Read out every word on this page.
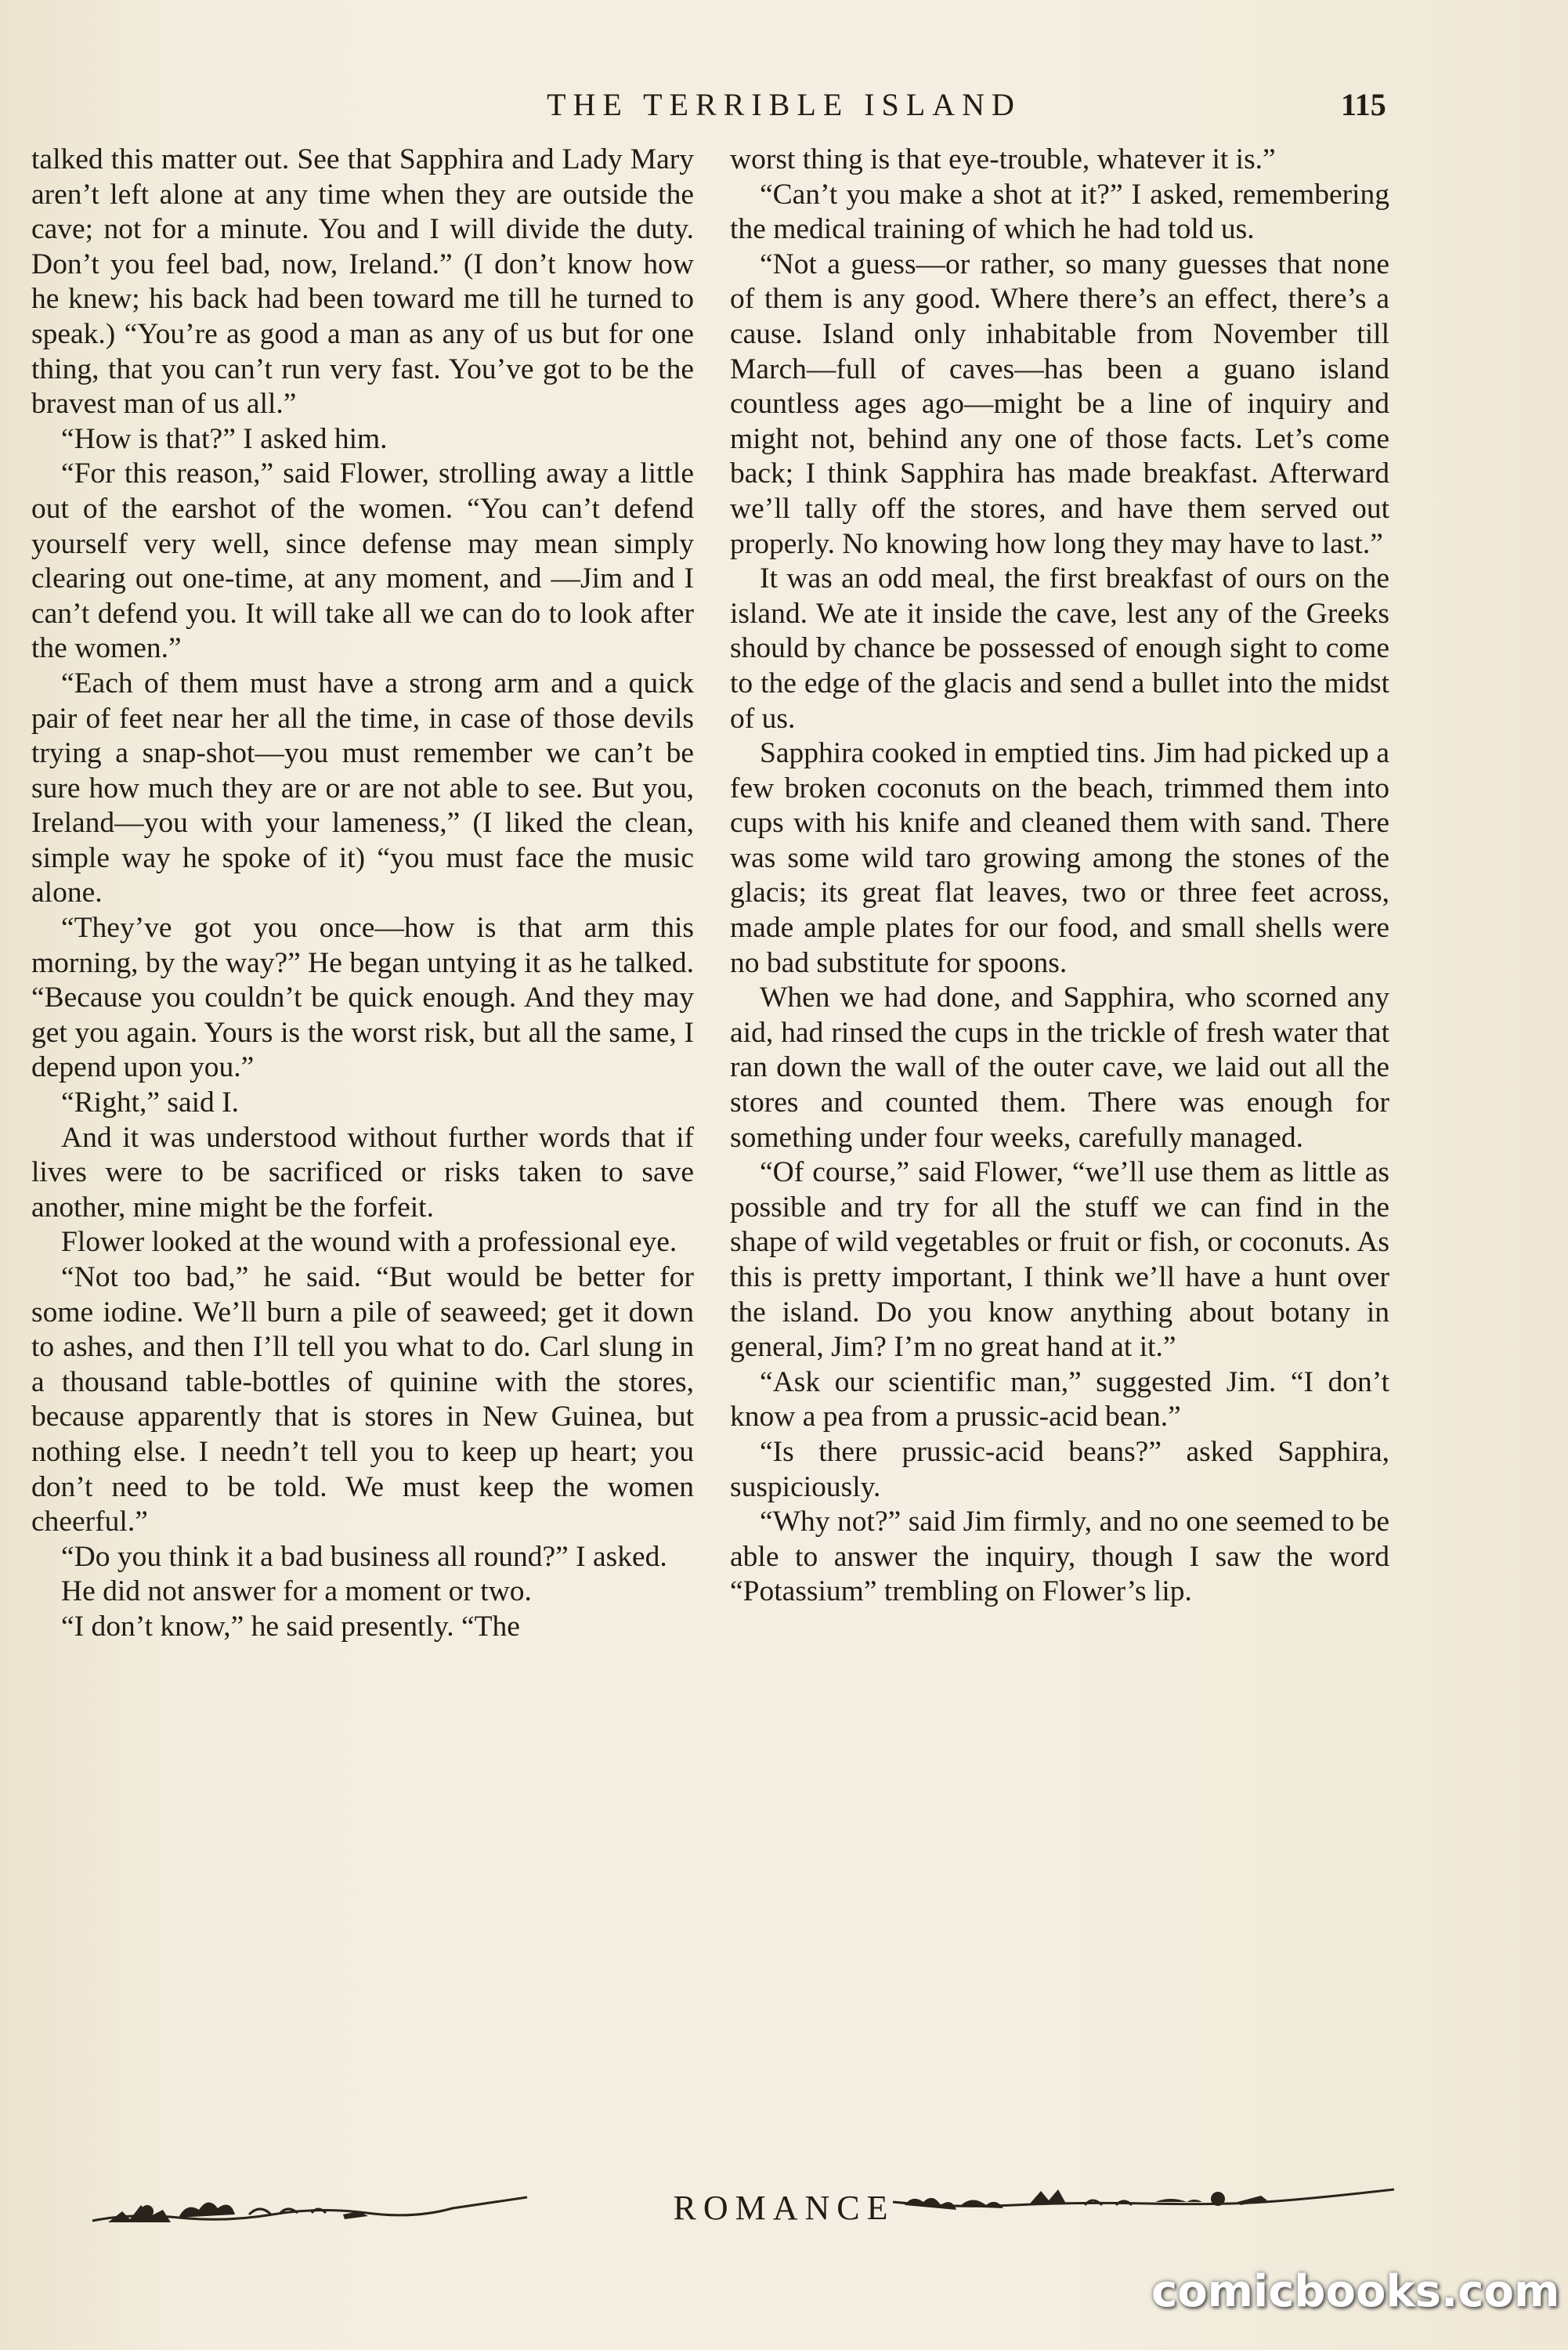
THE TERRIBLE ISLAND	115

talked this matter out. See that Sapphira and Lady Mary aren’t left alone at any time when they are outside the cave; not for a minute. You and I will divide the duty. Don’t you feel bad, now, Ireland.” (I don’t know how he knew; his back had been toward me till he turned to speak.) “You’re as good a man as any of us but for one thing, that you can’t run very fast. You’ve got to be the bravest man of us all.”

“How is that?” I asked him.

“For this reason,” said Flower, strolling away a little out of the earshot of the women. “You can’t defend yourself very well, since defense may mean simply clearing out one-time, at any moment, and —Jim and I can’t defend you. It will take all we can do to look after the women.”

“Each of them must have a strong arm and a quick pair of feet near her all the time, in case of those devils trying a snap-shot—you must remember we can’t be sure how much they are or are not able to see. But you, Ireland—you with your lameness,” (I liked the clean, simple way he spoke of it) “you must face the music alone.

“They’ve got you once—how is that arm this morning, by the way?” He began untying it as he talked. “Because you couldn’t be quick enough. And they may get you again. Yours is the worst risk, but all the same, I depend upon you.”

“Right,” said I.

And it was understood without further words that if lives were to be sacrificed or risks taken to save another, mine might be the forfeit.

Flower looked at the wound with a professional eye.

“Not too bad,” he said. “But would be better for some iodine. We’ll burn a pile of seaweed; get it down to ashes, and then I’ll tell you what to do. Carl slung in a thousand table-bottles of quinine with the stores, because apparently that is stores in New Guinea, but nothing else. I needn’t tell you to keep up heart; you don’t need to be told. We must keep the women cheerful.”

“Do you think it a bad business all round?” I asked.

He did not answer for a moment or two.

“I don’t know,” he said presently. “The

worst thing is that eye-trouble, whatever it is.”

“Can’t you make a shot at it?” I asked, remembering the medical training of which he had told us.

“Not a guess—or rather, so many guesses that none of them is any good. Where there’s an effect, there’s a cause. Island only inhabitable from November till March—full of caves—has been a guano island countless ages ago—might be a line of inquiry and might not, behind any one of those facts. Let’s come back; I think Sapphira has made breakfast. Afterward we’ll tally off the stores, and have them served out properly. No knowing how long they may have to last.”

It was an odd meal, the first breakfast of ours on the island. We ate it inside the cave, lest any of the Greeks should by chance be possessed of enough sight to come to the edge of the glacis and send a bullet into the midst of us.

Sapphira cooked in emptied tins. Jim had picked up a few broken coconuts on the beach, trimmed them into cups with his knife and cleaned them with sand. There was some wild taro growing among the stones of the glacis; its great flat leaves, two or three feet across, made ample plates for our food, and small shells were no bad substitute for spoons.

When we had done, and Sapphira, who scorned any aid, had rinsed the cups in the trickle of fresh water that ran down the wall of the outer cave, we laid out all the stores and counted them. There was enough for something under four weeks, carefully managed.

“Of course,” said Flower, “we’ll use them as little as possible and try for all the stuff we can find in the shape of wild vegetables or fruit or fish, or coconuts. As this is pretty important, I think we’ll have a hunt over the island. Do you know anything about botany in general, Jim? I’m no great hand at it.”

“Ask our scientific man,” suggested Jim. “I don’t know a pea from a prussic-acid bean.”

“Is there prussic-acid beans?” asked Sapphira, suspiciously.

“Why not?” said Jim firmly, and no one seemed to be able to answer the inquiry, though I saw the word “Potassium” trembling on Flower’s lip.

ROMANCE
comicbooks.com
